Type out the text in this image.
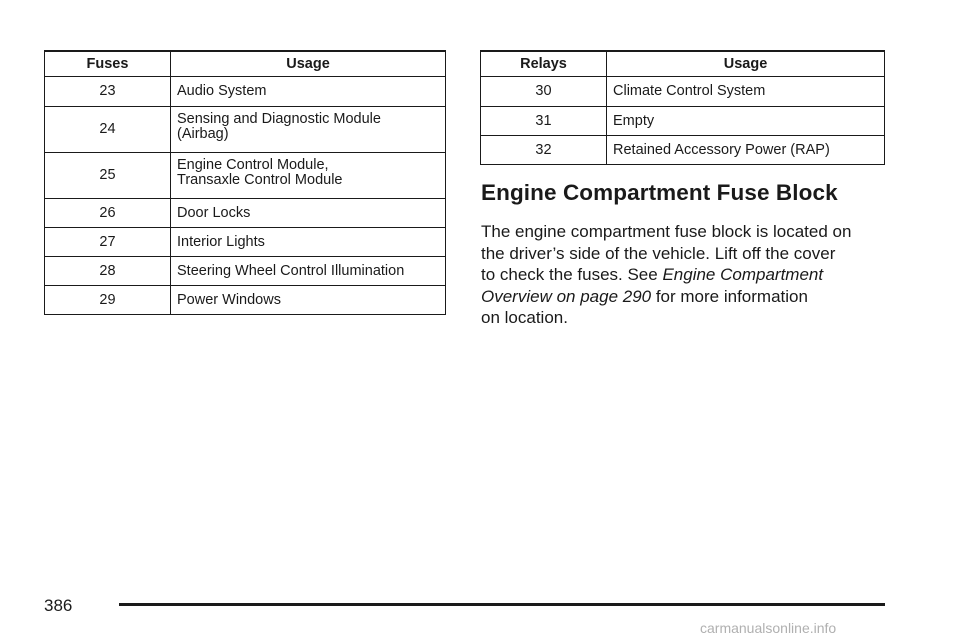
Fuses	Usage
23	Audio System
24	Sensing and Diagnostic Module
(Airbag)
25	Engine Control Module,
Transaxle Control Module
26	Door Locks
27	Interior Lights
28	Steering Wheel Control Illumination
29	Power Windows
Relays	Usage
30	Climate Control System
31	Empty
32	Retained Accessory Power (RAP)
Engine Compartment Fuse Block

The engine compartment fuse block is located on
the driver’s side of the vehicle. Lift off the cover
to check the fuses. See Engine Compartment
Overview on page 290 for more information
on location.

386
carmanualsonline.info
